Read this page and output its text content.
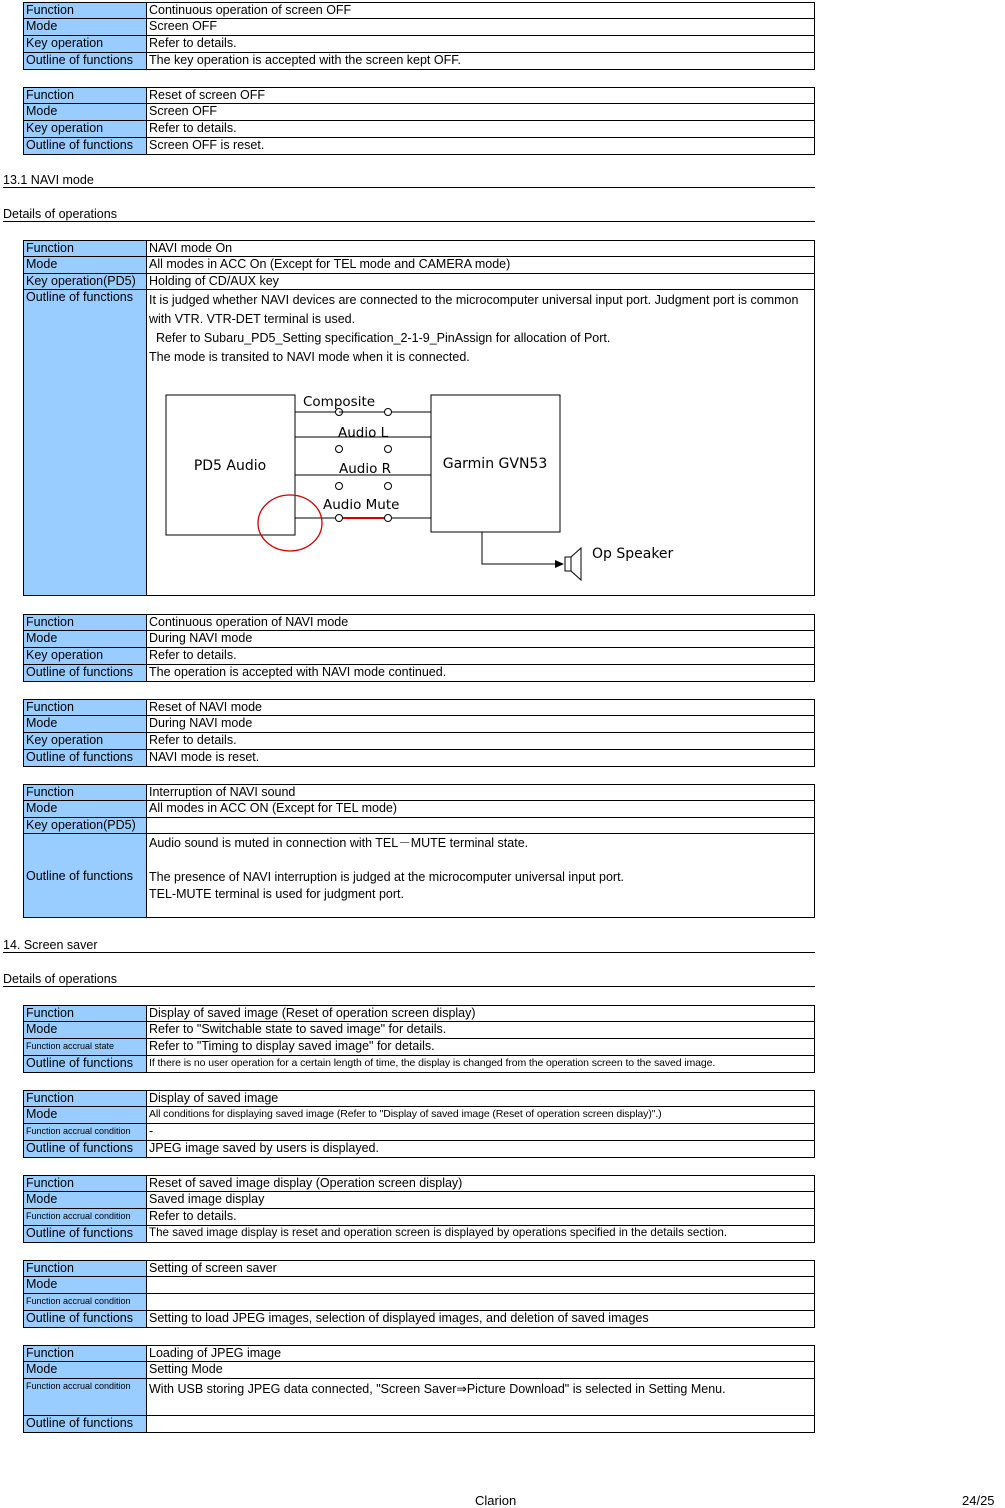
Function	Continuous operation of screen OFF
Mode	Screen OFF
Key operation	Refer to details.
Outline of functions	The key operation is accepted with the screen kept OFF.
Function	Reset of screen OFF
Mode	Screen OFF
Key operation	Refer to details.
Outline of functions	Screen OFF is reset.
13.1 NAVI mode
Details of operations
Function	NAVI mode On
Mode	All modes in ACC On (Except for TEL mode and CAMERA mode)
Key operation(PD5)	Holding of CD/AUX key
Outline of functions	It is judged whether NAVI devices are connected to the microcomputer universal input port. Judgment port is common with VTR. VTR-DET terminal is used.
Refer to Subaru_PD5_Setting specification_2-1-9_PinAssign for allocation of Port.
The mode is transited to NAVI mode when it is connected.
PD5 Audio	Garmin GVN53
Composite
Audio L
Audio R
Audio Mute
Op Speaker
Function	Continuous operation of NAVI mode
Mode	During NAVI mode
Key operation	Refer to details.
Outline of functions	The operation is accepted with NAVI mode continued.
Function	Reset of NAVI mode
Mode	During NAVI mode
Key operation	Refer to details.
Outline of functions	NAVI mode is reset.
Function	Interruption of NAVI sound
Mode	All modes in ACC ON (Except for TEL mode)
Key operation(PD5)	
Outline of functions	Audio sound is muted in connection with TEL－MUTE terminal state.
The presence of NAVI interruption is judged at the microcomputer universal input port.
TEL-MUTE terminal is used for judgment port.
14. Screen saver
Details of operations
Function	Display of saved image (Reset of operation screen display)
Mode	Refer to "Switchable state to saved image" for details.
Function accrual state	Refer to "Timing to display saved image" for details.
Outline of functions	If there is no user operation for a certain length of time, the display is changed from the operation screen to the saved image.
Function	Display of saved image
Mode	All conditions for displaying saved image (Refer to "Display of saved image (Reset of operation screen display)".)
Function accrual condition	-
Outline of functions	JPEG image saved by users is displayed.
Function	Reset of saved image display (Operation screen display)
Mode	Saved image display
Function accrual condition	Refer to details.
Outline of functions	The saved image display is reset and operation screen is displayed by operations specified in the details section.
Function	Setting of screen saver
Mode	
Function accrual condition	
Outline of functions	Setting to load JPEG images, selection of displayed images, and deletion of saved images
Function	Loading of JPEG image
Mode	Setting Mode
Function accrual condition	With USB storing JPEG data connected, "Screen Saver⇒Picture Download" is selected in Setting Menu.
Outline of functions	
Clarion	24/25
